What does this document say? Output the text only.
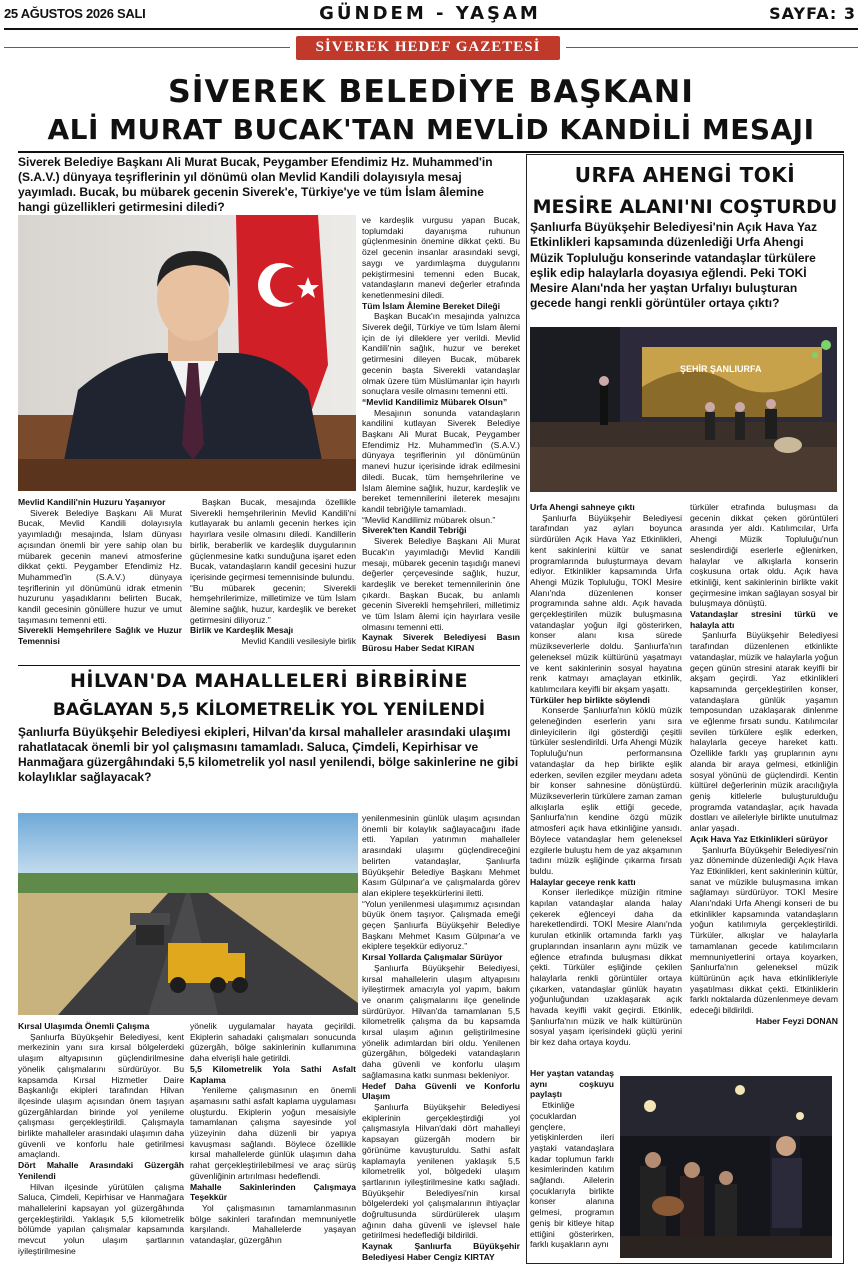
25 AĞUSTOS 2026 SALI	GÜNDEM - YAŞAM	SAYFA: 3
SİVEREK HEDEF GAZETESİ
SİVEREK BELEDİYE BAŞKANI
ALİ MURAT BUCAK'TAN MEVLİD KANDİLİ MESAJI
Siverek Belediye Başkanı Ali Murat Bucak, Peygamber Efendimiz Hz. Muhammed'in (S.A.V.) dünyaya teşriflerinin yıl dönümü olan Mevlid Kandili dolayısıyla mesaj yayımladı. Bucak, bu mübarek gecenin Siverek'e, Türkiye'ye ve tüm İslam âlemine hangi güzellikleri getirmesini diledi?
Mevlid Kandili'nin Huzuru Yaşanıyor

Siverek Belediye Başkanı Ali Murat Bucak, Mevlid Kandili dolayısıyla yayımladığı mesajında, İslam dünyası açısından önemli bir yere sahip olan bu mübarek gecenin manevi atmosferine dikkat çekti. Peygamber Efendimiz Hz. Muhammed'in (S.A.V.) dünyaya teşriflerinin yıl dönümünü idrak etmenin huzurunu yaşadıklarını belirten Bucak, kandil gecesinin gönüllere huzur ve umut taşımasını temenni etti.

Siverekli Hemşehrilere Sağlık ve Huzur Temennisi

Başkan Bucak, mesajında özellikle Siverekli hemşehrilerinin Mevlid Kandili'ni kutlayarak bu anlamlı gecenin herkes için hayırlara vesile olmasını diledi. Kandillerin birlik, beraberlik ve kardeşlik duygularının güçlenmesine katkı sunduğuna işaret eden Bucak, vatandaşların kandil gecesini huzur içerisinde geçirmesi temennisinde bulundu.

“Bu mübarek gecenin; Siverekli hemşehrilerimize, milletimize ve tüm İslam âlemine sağlık, huzur, kardeşlik ve bereket getirmesini diliyoruz.”

Birlik ve Kardeşlik Mesajı

Mevlid Kandili vesilesiyle birlik

ve kardeşlik vurgusu yapan Bucak, toplumdaki dayanışma ruhunun güçlenmesinin önemine dikkat çekti. Bu özel gecenin insanlar arasındaki sevgi, saygı ve yardımlaşma duygularını pekiştirmesini temenni eden Bucak, vatandaşların manevi değerler etrafında kenetlenmesini diledi.

Tüm İslam Âlemine Bereket Dileği

Başkan Bucak'ın mesajında yalnızca Siverek değil, Türkiye ve tüm İslam âlemi için de iyi dileklere yer verildi. Mevlid Kandili'nin sağlık, huzur ve bereket getirmesini dileyen Bucak, mübarek gecenin başta Siverekli vatandaşlar olmak üzere tüm Müslümanlar için hayırlı sonuçlara vesile olmasını temenni etti.

“Mevlid Kandilimiz Mübarek Olsun”

Mesajının sonunda vatandaşların kandilini kutlayan Siverek Belediye Başkanı Ali Murat Bucak, Peygamber Efendimiz Hz. Muhammed'in (S.A.V.) dünyaya teşriflerinin yıl dönümünün manevi huzur içerisinde idrak edilmesini diledi. Bucak, tüm hemşehrilerine ve İslam âlemine sağlık, huzur, kardeşlik ve bereket temennilerini ileterek mesajını kandil tebriğiyle tamamladı.

“Mevlid Kandilimiz mübarek olsun.”

Siverek'ten Kandil Tebriği

Siverek Belediye Başkanı Ali Murat Bucak'ın yayımladığı Mevlid Kandili mesajı, mübarek gecenin taşıdığı manevi değerler çerçevesinde sağlık, huzur, kardeşlik ve bereket temennilerinin öne çıkardı. Başkan Bucak, bu anlamlı gecenin Siverekli hemşehrileri, milletimiz ve tüm İslam âlemi için hayırlara vesile olmasını temenni etti.

Kaynak Siverek Belediyesi Basın Bürosu Haber Sedat KIRAN
URFA AHENGİ TOKİ
MESİRE ALANI'NI COŞTURDU
Şanlıurfa Büyükşehir Belediyesi'nin Açık Hava Yaz Etkinlikleri kapsamında düzenlediği Urfa Ahengi Müzik Topluluğu konserinde vatandaşlar türkülere eşlik edip halaylarla doyasıya eğlendi. Peki TOKİ Mesire Alanı'nda her yaştan Urfalıyı buluşturan gecede hangi renkli görüntüler ortaya çıktı?
ŞEHİR ŞANLIURFA
Urfa Ahengi sahneye çıktı

Şanlıurfa Büyükşehir Belediyesi tarafından yaz ayları boyunca sürdürülen Açık Hava Yaz Etkinlikleri, kent sakinlerini kültür ve sanat programlarında buluşturmaya devam ediyor. Etkinlikler kapsamında Urfa Ahengi Müzik Topluluğu, TOKİ Mesire Alanı'nda düzenlenen konser programında sahne aldı. Açık havada gerçekleştirilen müzik buluşmasına vatandaşlar yoğun ilgi gösterirken, konser alanı kısa sürede müzikseverlerle doldu. Şanlıurfa'nın geleneksel müzik kültürünü yaşatmayı ve kent sakinlerinin sosyal hayatına renk katmayı amaçlayan etkinlik, katılımcılara keyifli bir akşam yaşattı.

Türküler hep birlikte söylendi

Konserde Şanlıurfa'nın köklü müzik geleneğinden eserlerin yanı sıra dinleyicilerin ilgi gösterdiği çeşitli türküler seslendirildi. Urfa Ahengi Müzik Topluluğu'nun performansına vatandaşlar da hep birlikte eşlik ederken, sevilen ezgiler meydanı adeta bir konser sahnesine dönüştürdü. Müzikseverlerin türkülere zaman zaman alkışlarla eşlik ettiği gecede, Şanlıurfa'nın kendine özgü müzik atmosferi açık hava etkinliğine yansıdı. Böylece vatandaşlar hem geleneksel ezgilerle buluştu hem de yaz akşamının tadını müzik eşliğinde çıkarma fırsatı buldu.

Halaylar geceye renk kattı

Konser ilerledikçe müziğin ritmine kapılan vatandaşlar alanda halay çekerek eğlenceyi daha da hareketlendirdi. TOKİ Mesire Alanı'nda kurulan etkinlik ortamında farklı yaş gruplarından insanların aynı müzik ve eğlence etrafında buluşması dikkat çekti. Türküler eşliğinde çekilen halaylarla renkli görüntüler ortaya çıkarken, vatandaşlar günlük hayatın yoğunluğundan uzaklaşarak açık havada keyifli vakit geçirdi. Etkinlik, Şanlıurfa'nın müzik ve halk kültürünün sosyal yaşam içerisindeki güçlü yerini bir kez daha ortaya koydu.

Her yaştan vatandaş aynı coşkuyu paylaştı

Etkinliğe çocuklardan gençlere, yetişkinlerden ileri yaştaki vatandaşlara kadar toplumun farklı kesimlerinden katılım sağlandı. Ailelerin çocuklarıyla birlikte konser alanına gelmesi, programın geniş bir kitleye hitap ettiğini gösterirken, farklı kuşakların aynı

türküler etrafında buluşması da gecenin dikkat çeken görüntüleri arasında yer aldı. Katılımcılar, Urfa Ahengi Müzik Topluluğu'nun seslendirdiği eserlerle eğlenirken, halaylar ve alkışlarla konserin coşkusuna ortak oldu. Açık hava etkinliği, kent sakinlerinin birlikte vakit geçirmesine imkan sağlayan sosyal bir buluşmaya dönüştü.

Vatandaşlar stresini türkü ve halayla attı

Şanlıurfa Büyükşehir Belediyesi tarafından düzenlenen etkinlikte vatandaşlar, müzik ve halaylarla yoğun geçen günün stresini atarak keyifli bir akşam geçirdi. Yaz etkinlikleri kapsamında gerçekleştirilen konser, vatandaşlara günlük yaşamın temposundan uzaklaşarak dinlenme ve eğlenme fırsatı sundu. Katılımcılar sevilen türkülere eşlik ederken, halaylarla geceye hareket kattı. Özellikle farklı yaş gruplarının aynı alanda bir araya gelmesi, etkinliğin sosyal yönünü de güçlendirdi. Kentin kültürel değerlerinin müzik aracılığıyla geniş kitlelerle buluşturulduğu programda vatandaşlar, açık havada dostları ve aileleriyle birlikte unutulmaz anlar yaşadı.

Açık Hava Yaz Etkinlikleri sürüyor

Şanlıurfa Büyükşehir Belediyesi'nin yaz döneminde düzenlediği Açık Hava Yaz Etkinlikleri, kent sakinlerinin kültür, sanat ve müzikle buluşmasına imkan sağlamayı sürdürüyor. TOKİ Mesire Alanı'ndaki Urfa Ahengi konseri de bu etkinlikler kapsamında vatandaşların yoğun katılımıyla gerçekleştirildi. Türküler, alkışlar ve halaylarla tamamlanan gecede katılımcıların memnuniyetlerini ortaya koyarken, Şanlıurfa'nın geleneksel müzik kültürünün açık hava etkinlikleriyle yaşatılması dikkat çekti. Etkinliklerin farklı noktalarda düzenlenmeye devam edeceği bildirildi.

Haber Feyzi DONAN
HİLVAN'DA MAHALLELERİ BİRBİRİNE
BAĞLAYAN 5,5 KİLOMETRELİK YOL YENİLENDİ
Şanlıurfa Büyükşehir Belediyesi ekipleri, Hilvan'da kırsal mahalleler arasındaki ulaşımı rahatlatacak önemli bir yol çalışmasını tamamladı. Saluca, Çimdeli, Kepirhisar ve Hanmağara güzergâhındaki 5,5 kilometrelik yol nasıl yenilendi, bölge sakinlerine ne gibi kolaylıklar sağlayacak?
Kırsal Ulaşımda Önemli Çalışma

Şanlıurfa Büyükşehir Belediyesi, kent merkezinin yanı sıra kırsal bölgelerdeki ulaşım altyapısının güçlendirilmesine yönelik çalışmalarını sürdürüyor. Bu kapsamda Kırsal Hizmetler Daire Başkanlığı ekipleri tarafından Hilvan ilçesinde ulaşım açısından önem taşıyan güzergâhlardan birinde yol yenileme çalışması gerçekleştirildi. Çalışmayla birlikte mahalleler arasındaki ulaşımın daha güvenli ve konforlu hale getirilmesi amaçlandı.

Dört Mahalle Arasındaki Güzergâh Yenilendi

Hilvan ilçesinde yürütülen çalışma Saluca, Çimdeli, Kepirhisar ve Hanmağara mahallelerini kapsayan yol güzergâhında gerçekleştirildi. Yaklaşık 5,5 kilometrelik bölümde yapılan çalışmalar kapsamında mevcut yolun ulaşım şartlarının iyileştirilmesine

yönelik uygulamalar hayata geçirildi. Ekiplerin sahadaki çalışmaları sonucunda güzergâh, bölge sakinlerinin kullanımına daha elverişli hale getirildi.

5,5 Kilometrelik Yola Sathi Asfalt Kaplama

Yenileme çalışmasının en önemli aşamasını sathi asfalt kaplama uygulaması oluşturdu. Ekiplerin yoğun mesaisiyle tamamlanan çalışma sayesinde yol yüzeyinin daha düzenli bir yapıya kavuşması sağlandı. Böylece özellikle kırsal mahallelerde günlük ulaşımın daha rahat gerçekleştirilebilmesi ve araç sürüş güvenliğinin artırılması hedeflendi.

Mahalle Sakinlerinden Çalışmaya Teşekkür

Yol çalışmasının tamamlanmasının bölge sakinleri tarafından memnuniyetle karşılandı. Mahallelerde yaşayan vatandaşlar, güzergâhın

yenilenmesinin günlük ulaşım açısından önemli bir kolaylık sağlayacağını ifade etti. Yapılan yatırımın mahalleler arasındaki ulaşımı güçlendireceğini belirten vatandaşlar, Şanlıurfa Büyükşehir Belediye Başkanı Mehmet Kasım Gülpınar'a ve çalışmalarda görev alan ekiplere teşekkürlerini iletti.

“Yolun yenilenmesi ulaşımımız açısından büyük önem taşıyor. Çalışmada emeği geçen Şanlıurfa Büyükşehir Belediye Başkanı Mehmet Kasım Gülpınar'a ve ekiplere teşekkür ediyoruz.”

Kırsal Yollarda Çalışmalar Sürüyor

Şanlıurfa Büyükşehir Belediyesi, kırsal mahallelerin ulaşım altyapısını iyileştirmek amacıyla yol yapım, bakım ve onarım çalışmalarını ilçe genelinde sürdürüyor. Hilvan'da tamamlanan 5,5 kilometrelik çalışma da bu kapsamda kırsal ulaşım ağının geliştirilmesine yönelik adımlardan biri oldu. Yenilenen güzergâhın, bölgedeki vatandaşların daha güvenli ve konforlu ulaşım sağlamasına katkı sunması bekleniyor.

Hedef Daha Güvenli ve Konforlu Ulaşım

Şanlıurfa Büyükşehir Belediyesi ekiplerinin gerçekleştirdiği yol çalışmasıyla Hilvan'daki dört mahalleyi kapsayan güzergâh modern bir görünüme kavuşturuldu. Sathi asfalt kaplamayla yenilenen yaklaşık 5,5 kilometrelik yol, bölgedeki ulaşım şartlarının iyileştirilmesine katkı sağladı. Büyükşehir Belediyesi'nin kırsal bölgelerdeki yol çalışmalarının ihtiyaçlar doğrultusunda sürdürülerek ulaşım ağının daha güvenli ve işlevsel hale getirilmesi hedeflediği bildirildi.

Kaynak Şanlıurfa Büyükşehir Belediyesi Haber Cengiz KIRTAY
